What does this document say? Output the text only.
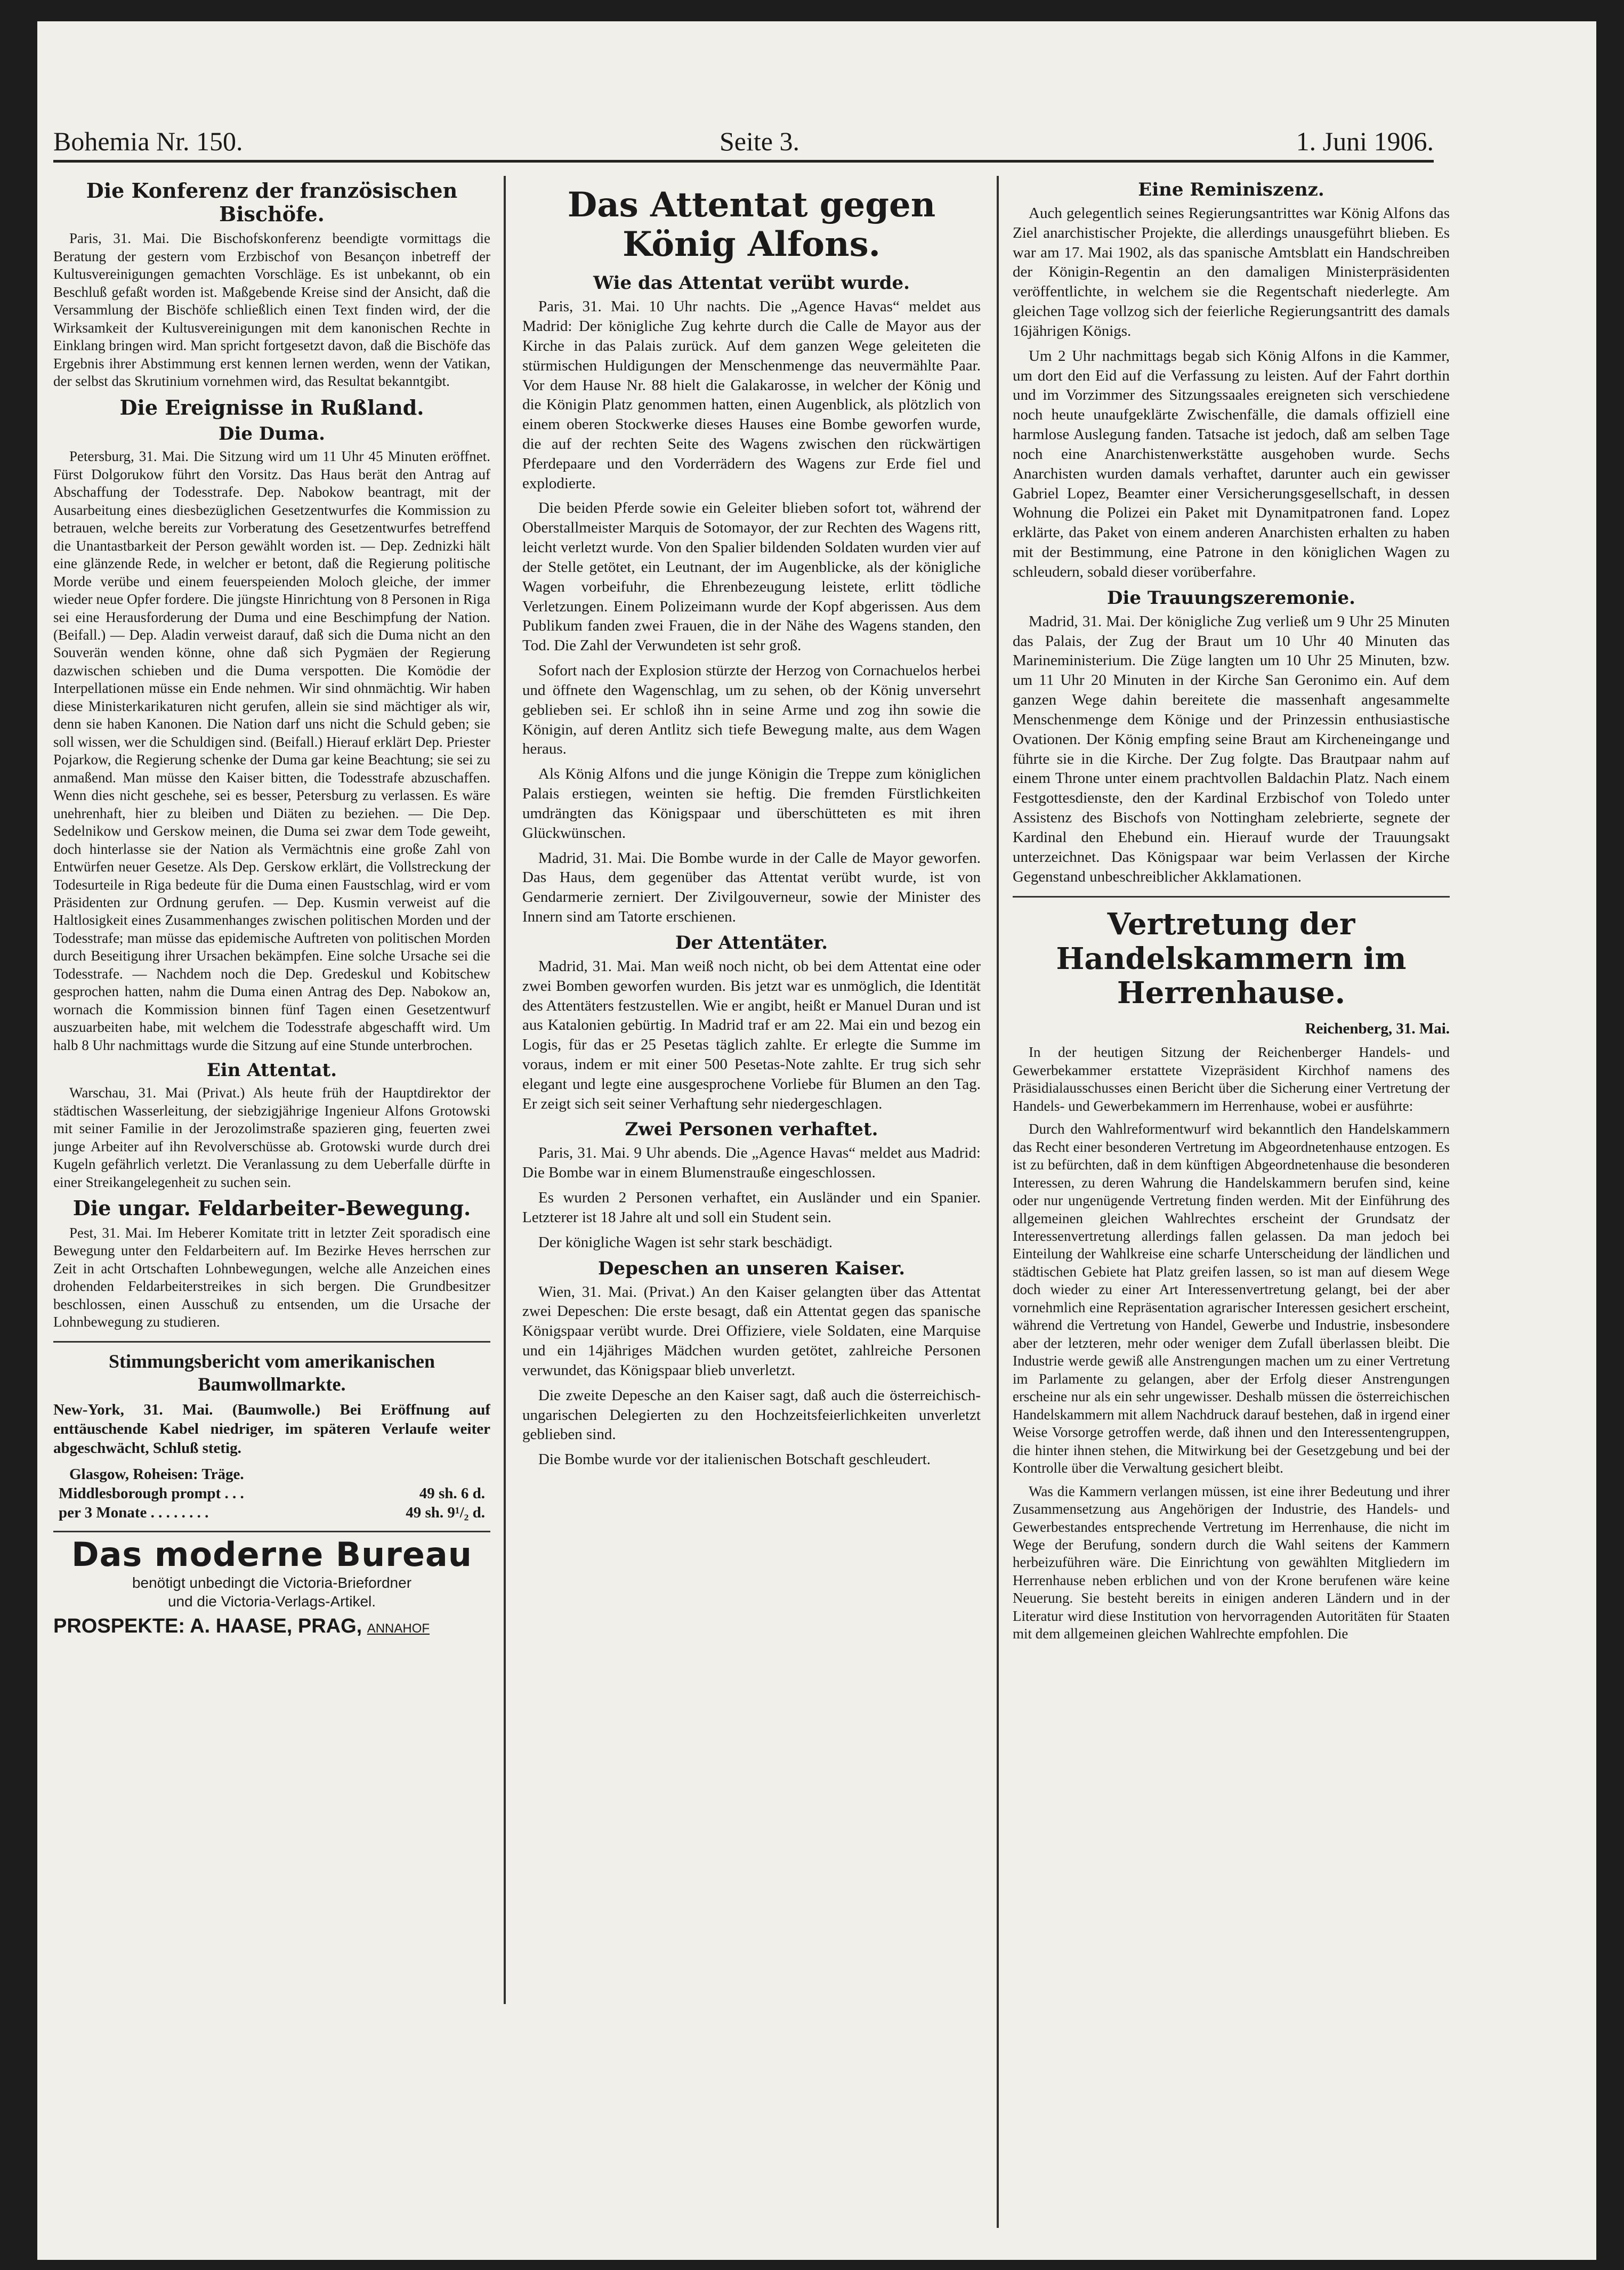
Bohemia Nr. 150.	Seite 3.	1. Juni 1906.
Die Konferenz der französischen Bischöfe.

Paris, 31. Mai. Die Bischofskonferenz beendigte vormittags die Beratung der gestern vom Erzbischof von Besançon inbetreff der Kultusvereinigungen gemachten Vorschläge. Es ist unbekannt, ob ein Beschluß gefaßt worden ist. Maßgebende Kreise sind der Ansicht, daß die Versammlung der Bischöfe schließlich einen Text finden wird, der die Wirksamkeit der Kultusvereinigungen mit dem kanonischen Rechte in Einklang bringen wird. Man spricht fortgesetzt davon, daß die Bischöfe das Ergebnis ihrer Abstimmung erst kennen lernen werden, wenn der Vatikan, der selbst das Skrutinium vornehmen wird, das Resultat bekanntgibt.

Die Ereignisse in Rußland.
Die Duma.

Petersburg, 31. Mai. Die Sitzung wird um 11 Uhr 45 Minuten eröffnet. Fürst Dolgorukow führt den Vorsitz. Das Haus berät den Antrag auf Abschaffung der Todesstrafe. Dep. Nabokow beantragt, mit der Ausarbeitung eines diesbezüglichen Gesetzentwurfes die Kommission zu betrauen, welche bereits zur Vorberatung des Gesetzentwurfes betreffend die Unantastbarkeit der Person gewählt worden ist. — Dep. Zednizki hält eine glänzende Rede, in welcher er betont, daß die Regierung politische Morde verübe und einem feuerspeienden Moloch gleiche, der immer wieder neue Opfer fordere. Die jüngste Hinrichtung von 8 Personen in Riga sei eine Herausforderung der Duma und eine Beschimpfung der Nation. (Beifall.) — Dep. Aladin verweist darauf, daß sich die Duma nicht an den Souverän wenden könne, ohne daß sich Pygmäen der Regierung dazwischen schieben und die Duma verspotten. Die Komödie der Interpellationen müsse ein Ende nehmen. Wir sind ohnmächtig. Wir haben diese Ministerkarikaturen nicht gerufen, allein sie sind mächtiger als wir, denn sie haben Kanonen. Die Nation darf uns nicht die Schuld geben; sie soll wissen, wer die Schuldigen sind. (Beifall.) Hierauf erklärt Dep. Priester Pojarkow, die Regierung schenke der Duma gar keine Beachtung; sie sei zu anmaßend. Man müsse den Kaiser bitten, die Todesstrafe abzuschaffen. Wenn dies nicht geschehe, sei es besser, Petersburg zu verlassen. Es wäre unehrenhaft, hier zu bleiben und Diäten zu beziehen. — Die Dep. Sedelnikow und Gerskow meinen, die Duma sei zwar dem Tode geweiht, doch hinterlasse sie der Nation als Vermächtnis eine große Zahl von Entwürfen neuer Gesetze. Als Dep. Gerskow erklärt, die Vollstreckung der Todesurteile in Riga bedeute für die Duma einen Faustschlag, wird er vom Präsidenten zur Ordnung gerufen. — Dep. Kusmin verweist auf die Haltlosigkeit eines Zusammenhanges zwischen politischen Morden und der Todesstrafe; man müsse das epidemische Auftreten von politischen Morden durch Beseitigung ihrer Ursachen bekämpfen. Eine solche Ursache sei die Todesstrafe. — Nachdem noch die Dep. Gredeskul und Kobitschew gesprochen hatten, nahm die Duma einen Antrag des Dep. Nabokow an, wornach die Kommission binnen fünf Tagen einen Gesetzentwurf auszuarbeiten habe, mit welchem die Todesstrafe abgeschafft wird. Um halb 8 Uhr nachmittags wurde die Sitzung auf eine Stunde unterbrochen.

Ein Attentat.

Warschau, 31. Mai (Privat.) Als heute früh der Hauptdirektor der städtischen Wasserleitung, der siebzigjährige Ingenieur Alfons Grotowski mit seiner Familie in der Jerozolimstraße spazieren ging, feuerten zwei junge Arbeiter auf ihn Revolverschüsse ab. Grotowski wurde durch drei Kugeln gefährlich verletzt. Die Veranlassung zu dem Ueberfalle dürfte in einer Streikangelegenheit zu suchen sein.

Die ungar. Feldarbeiter-Bewegung.

Pest, 31. Mai. Im Heberer Komitate tritt in letzter Zeit sporadisch eine Bewegung unter den Feldarbeitern auf. Im Bezirke Heves herrschen zur Zeit in acht Ortschaften Lohnbewegungen, welche alle Anzeichen eines drohenden Feldarbeiterstreikes in sich bergen. Die Grundbesitzer beschlossen, einen Ausschuß zu entsenden, um die Ursache der Lohnbewegung zu studieren.

Stimmungsbericht vom amerikanischen Baumwollmarkte.
New-York, 31. Mai. (Baumwolle.) Bei Eröffnung auf enttäuschende Kabel niedriger, im späteren Verlaufe weiter abgeschwächt, Schluß stetig.
Glasgow, Roheisen: Träge.
Middlesborough prompt . . .	49 sh. 6 d.
per 3 Monate . . . . . . . .	49 sh. 9¹/₂ d.
Das moderne Bureau
benötigt unbedingt die Victoria-Briefordner
und die Victoria-Verlags-Artikel.
PROSPEKTE: A. HAASE, PRAG, ANNAHOF
Das Attentat gegen König Alfons.
Wie das Attentat verübt wurde.

Paris, 31. Mai. 10 Uhr nachts. Die „Agence Havas“ meldet aus Madrid: Der königliche Zug kehrte durch die Calle de Mayor aus der Kirche in das Palais zurück. Auf dem ganzen Wege geleiteten die stürmischen Huldigungen der Menschenmenge das neuvermählte Paar. Vor dem Hause Nr. 88 hielt die Galakarosse, in welcher der König und die Königin Platz genommen hatten, einen Augenblick, als plötzlich von einem oberen Stockwerke dieses Hauses eine Bombe geworfen wurde, die auf der rechten Seite des Wagens zwischen den rückwärtigen Pferdepaare und den Vorderrädern des Wagens zur Erde fiel und explodierte.

Die beiden Pferde sowie ein Geleiter blieben sofort tot, während der Oberstallmeister Marquis de Sotomayor, der zur Rechten des Wagens ritt, leicht verletzt wurde. Von den Spalier bildenden Soldaten wurden vier auf der Stelle getötet, ein Leutnant, der im Augenblicke, als der königliche Wagen vorbeifuhr, die Ehrenbezeugung leistete, erlitt tödliche Verletzungen. Einem Polizeimann wurde der Kopf abgerissen. Aus dem Publikum fanden zwei Frauen, die in der Nähe des Wagens standen, den Tod. Die Zahl der Verwundeten ist sehr groß.

Sofort nach der Explosion stürzte der Herzog von Cornachuelos herbei und öffnete den Wagenschlag, um zu sehen, ob der König unversehrt geblieben sei. Er schloß ihn in seine Arme und zog ihn sowie die Königin, auf deren Antlitz sich tiefe Bewegung malte, aus dem Wagen heraus.

Als König Alfons und die junge Königin die Treppe zum königlichen Palais erstiegen, weinten sie heftig. Die fremden Fürstlichkeiten umdrängten das Königspaar und überschütteten es mit ihren Glückwünschen.

Madrid, 31. Mai. Die Bombe wurde in der Calle de Mayor geworfen. Das Haus, dem gegenüber das Attentat verübt wurde, ist von Gendarmerie zerniert. Der Zivilgouverneur, sowie der Minister des Innern sind am Tatorte erschienen.

Der Attentäter.

Madrid, 31. Mai. Man weiß noch nicht, ob bei dem Attentat eine oder zwei Bomben geworfen wurden. Bis jetzt war es unmöglich, die Identität des Attentäters festzustellen. Wie er angibt, heißt er Manuel Duran und ist aus Katalonien gebürtig. In Madrid traf er am 22. Mai ein und bezog ein Logis, für das er 25 Pesetas täglich zahlte. Er erlegte die Summe im voraus, indem er mit einer 500 Pesetas-Note zahlte. Er trug sich sehr elegant und legte eine ausgesprochene Vorliebe für Blumen an den Tag. Er zeigt sich seit seiner Verhaftung sehr niedergeschlagen.

Zwei Personen verhaftet.

Paris, 31. Mai. 9 Uhr abends. Die „Agence Havas“ meldet aus Madrid: Die Bombe war in einem Blumenstrauße eingeschlossen.

Es wurden 2 Personen verhaftet, ein Ausländer und ein Spanier. Letzterer ist 18 Jahre alt und soll ein Student sein.

Der königliche Wagen ist sehr stark beschädigt.

Depeschen an unseren Kaiser.

Wien, 31. Mai. (Privat.) An den Kaiser gelangten über das Attentat zwei Depeschen: Die erste besagt, daß ein Attentat gegen das spanische Königspaar verübt wurde. Drei Offiziere, viele Soldaten, eine Marquise und ein 14jähriges Mädchen wurden getötet, zahlreiche Personen verwundet, das Königspaar blieb unverletzt.

Die zweite Depesche an den Kaiser sagt, daß auch die österreichisch-ungarischen Delegierten zu den Hochzeitsfeierlichkeiten unverletzt geblieben sind.

Die Bombe wurde vor der italienischen Botschaft geschleudert.

Eine Reminiszenz.

Auch gelegentlich seines Regierungsantrittes war König Alfons das Ziel anarchistischer Projekte, die allerdings unausgeführt blieben. Es war am 17. Mai 1902, als das spanische Amtsblatt ein Handschreiben der Königin-Regentin an den damaligen Ministerpräsidenten veröffentlichte, in welchem sie die Regentschaft niederlegte. Am gleichen Tage vollzog sich der feierliche Regierungsantritt des damals 16jährigen Königs.

Um 2 Uhr nachmittags begab sich König Alfons in die Kammer, um dort den Eid auf die Verfassung zu leisten. Auf der Fahrt dorthin und im Vorzimmer des Sitzungssaales ereigneten sich verschiedene noch heute unaufgeklärte Zwischenfälle, die damals offiziell eine harmlose Auslegung fanden. Tatsache ist jedoch, daß am selben Tage noch eine Anarchistenwerkstätte ausgehoben wurde. Sechs Anarchisten wurden damals verhaftet, darunter auch ein gewisser Gabriel Lopez, Beamter einer Versicherungsgesellschaft, in dessen Wohnung die Polizei ein Paket mit Dynamitpatronen fand. Lopez erklärte, das Paket von einem anderen Anarchisten erhalten zu haben mit der Bestimmung, eine Patrone in den königlichen Wagen zu schleudern, sobald dieser vorüberfahre.

Die Trauungszeremonie.

Madrid, 31. Mai. Der königliche Zug verließ um 9 Uhr 25 Minuten das Palais, der Zug der Braut um 10 Uhr 40 Minuten das Marineministerium. Die Züge langten um 10 Uhr 25 Minuten, bzw. um 11 Uhr 20 Minuten in der Kirche San Geronimo ein. Auf dem ganzen Wege dahin bereitete die massenhaft angesammelte Menschenmenge dem Könige und der Prinzessin enthusiastische Ovationen. Der König empfing seine Braut am Kircheneingange und führte sie in die Kirche. Der Zug folgte. Das Brautpaar nahm auf einem Throne unter einem prachtvollen Baldachin Platz. Nach einem Festgottesdienste, den der Kardinal Erzbischof von Toledo unter Assistenz des Bischofs von Nottingham zelebrierte, segnete der Kardinal den Ehebund ein. Hierauf wurde der Trauungsakt unterzeichnet. Das Königspaar war beim Verlassen der Kirche Gegenstand unbeschreiblicher Akklamationen.

Vertretung der Handelskammern im Herrenhause.

Reichenberg, 31. Mai.

In der heutigen Sitzung der Reichenberger Handels- und Gewerbekammer erstattete Vizepräsident Kirchhof namens des Präsidialausschusses einen Bericht über die Sicherung einer Vertretung der Handels- und Gewerbekammern im Herrenhause, wobei er ausführte:

Durch den Wahlreformentwurf wird bekanntlich den Handelskammern das Recht einer besonderen Vertretung im Abgeordnetenhause entzogen. Es ist zu befürchten, daß in dem künftigen Abgeordnetenhause die besonderen Interessen, zu deren Wahrung die Handelskammern berufen sind, keine oder nur ungenügende Vertretung finden werden. Mit der Einführung des allgemeinen gleichen Wahlrechtes erscheint der Grundsatz der Interessenvertretung allerdings fallen gelassen. Da man jedoch bei Einteilung der Wahlkreise eine scharfe Unterscheidung der ländlichen und städtischen Gebiete hat Platz greifen lassen, so ist man auf diesem Wege doch wieder zu einer Art Interessenvertretung gelangt, bei der aber vornehmlich eine Repräsentation agrarischer Interessen gesichert erscheint, während die Vertretung von Handel, Gewerbe und Industrie, insbesondere aber der letzteren, mehr oder weniger dem Zufall überlassen bleibt. Die Industrie werde gewiß alle Anstrengungen machen um zu einer Vertretung im Parlamente zu gelangen, aber der Erfolg dieser Anstrengungen erscheine nur als ein sehr ungewisser. Deshalb müssen die österreichischen Handelskammern mit allem Nachdruck darauf bestehen, daß in irgend einer Weise Vorsorge getroffen werde, daß ihnen und den Interessentengruppen, die hinter ihnen stehen, die Mitwirkung bei der Gesetzgebung und bei der Kontrolle über die Verwaltung gesichert bleibt.

Was die Kammern verlangen müssen, ist eine ihrer Bedeutung und ihrer Zusammensetzung aus Angehörigen der Industrie, des Handels- und Gewerbestandes entsprechende Vertretung im Herrenhause, die nicht im Wege der Berufung, sondern durch die Wahl seitens der Kammern herbeizuführen wäre. Die Einrichtung von gewählten Mitgliedern im Herrenhause neben erblichen und von der Krone berufenen wäre keine Neuerung. Sie besteht bereits in einigen anderen Ländern und in der Literatur wird diese Institution von hervorragenden Autoritäten für Staaten mit dem allgemeinen gleichen Wahlrechte empfohlen. Die
